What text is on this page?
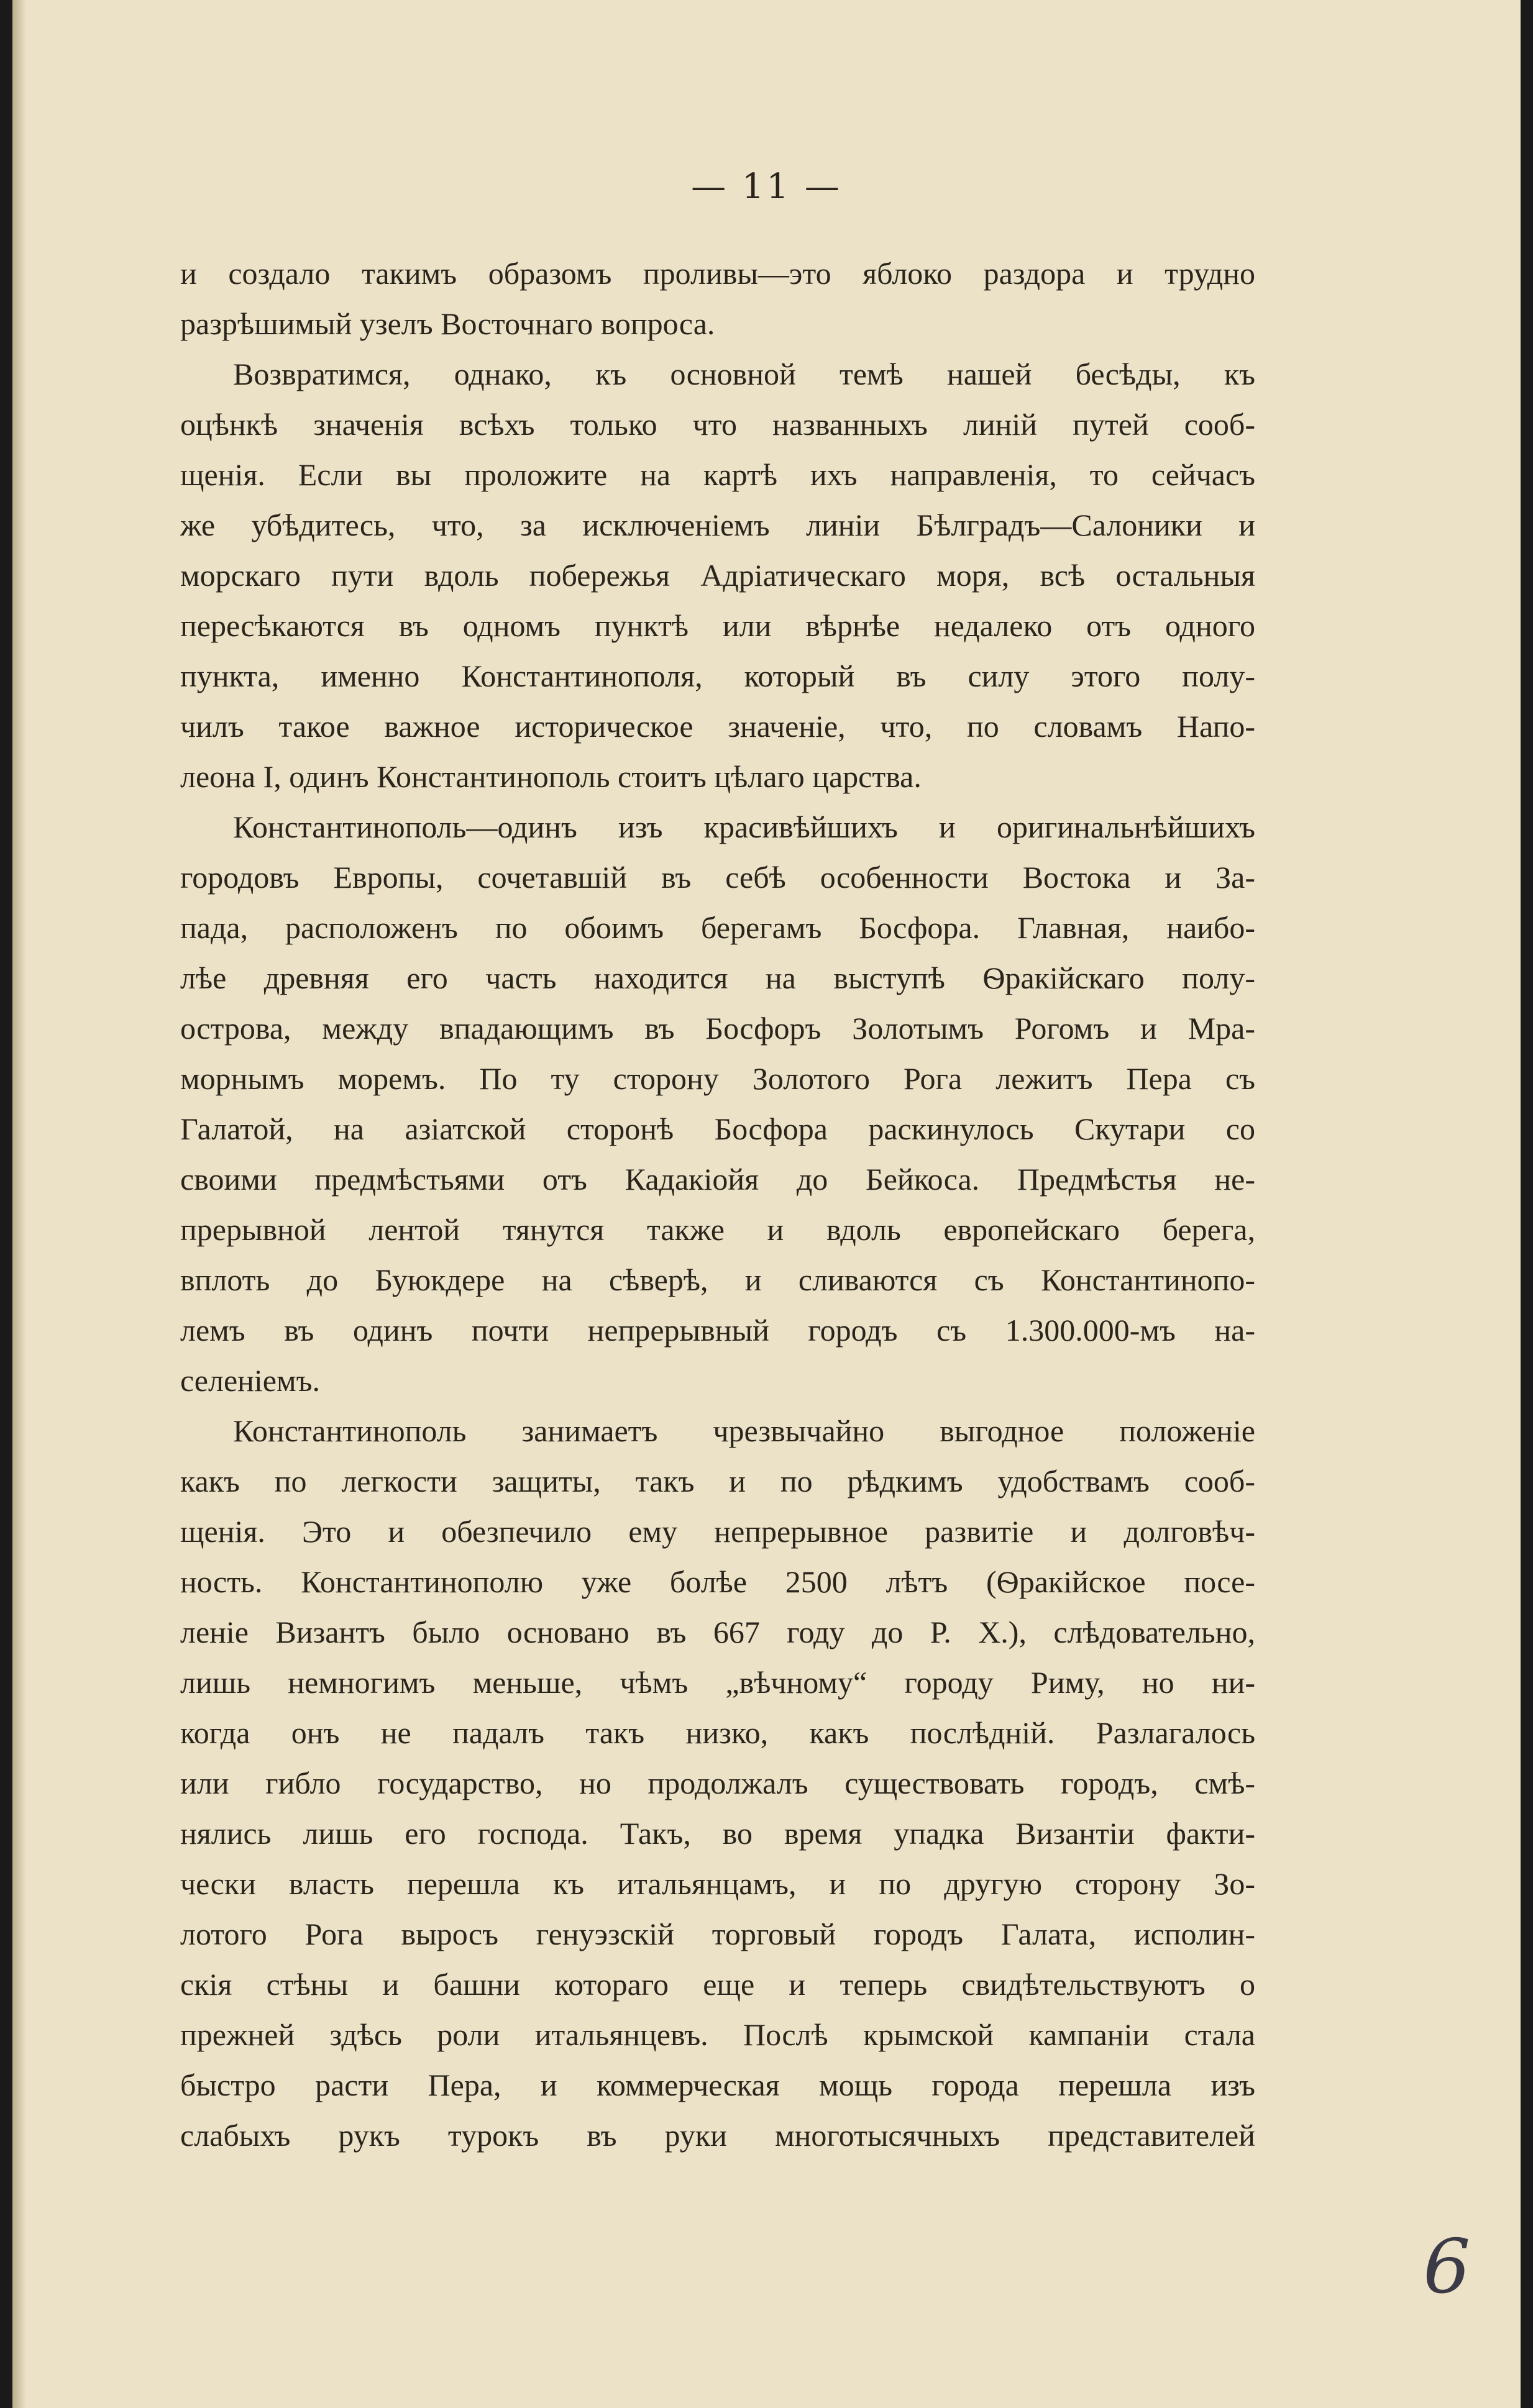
— 11 —
и создало такимъ образомъ проливы—это яблоко раздора и трудно
разрѣшимый узелъ Восточнаго вопроса.
Возвратимся, однако, къ основной темѣ нашей бесѣды, къ
оцѣнкѣ значенія всѣхъ только что названныхъ линій путей сооб-
щенія. Если вы проложите на картѣ ихъ направленія, то сейчасъ
же убѣдитесь, что, за исключеніемъ линіи Бѣлградъ—Салоники и
морскаго пути вдоль побережья Адріатическаго моря, всѣ остальныя
пересѣкаются въ одномъ пунктѣ или вѣрнѣе недалеко отъ одного
пункта, именно Константинополя, который въ силу этого полу-
чилъ такое важное историческое значеніе, что, по словамъ Напо-
леона I, одинъ Константинополь стоитъ цѣлаго царства.
Константинополь—одинъ изъ красивѣйшихъ и оригинальнѣйшихъ
городовъ Европы, сочетавшій въ себѣ особенности Востока и За-
пада, расположенъ по обоимъ берегамъ Босфора. Главная, наибо-
лѣе древняя его часть находится на выступѣ Ѳракійскаго полу-
острова, между впадающимъ въ Босфоръ Золотымъ Рогомъ и Мра-
морнымъ моремъ. По ту сторону Золотого Рога лежитъ Пера съ
Галатой, на азіатской сторонѣ Босфора раскинулось Скутари со
своими предмѣстьями отъ Кадакіойя до Бейкоса. Предмѣстья не-
прерывной лентой тянутся также и вдоль европейскаго берега,
вплоть до Буюкдере на сѣверѣ, и сливаются съ Константинопо-
лемъ въ одинъ почти непрерывный городъ съ 1.300.000-мъ на-
селеніемъ.
Константинополь занимаетъ чрезвычайно выгодное положеніе
какъ по легкости защиты, такъ и по рѣдкимъ удобствамъ сооб-
щенія. Это и обезпечило ему непрерывное развитіе и долговѣч-
ность. Константинополю уже болѣе 2500 лѣтъ (Ѳракійское посе-
леніе Византъ было основано въ 667 году до Р. Х.), слѣдовательно,
лишь немногимъ меньше, чѣмъ „вѣчному“ городу Риму, но ни-
когда онъ не падалъ такъ низко, какъ послѣдній. Разлагалось
или гибло государство, но продолжалъ существовать городъ, смѣ-
нялись лишь его господа. Такъ, во время упадка Византіи факти-
чески власть перешла къ итальянцамъ, и по другую сторону Зо-
лотого Рога выросъ генуэзскій торговый городъ Галата, исполин-
скія стѣны и башни котораго еще и теперь свидѣтельствуютъ о
прежней здѣсь роли итальянцевъ. Послѣ крымской кампаніи стала
быстро расти Пера, и коммерческая мощь города перешла изъ
слабыхъ рукъ турокъ въ руки многотысячныхъ представителей
6
